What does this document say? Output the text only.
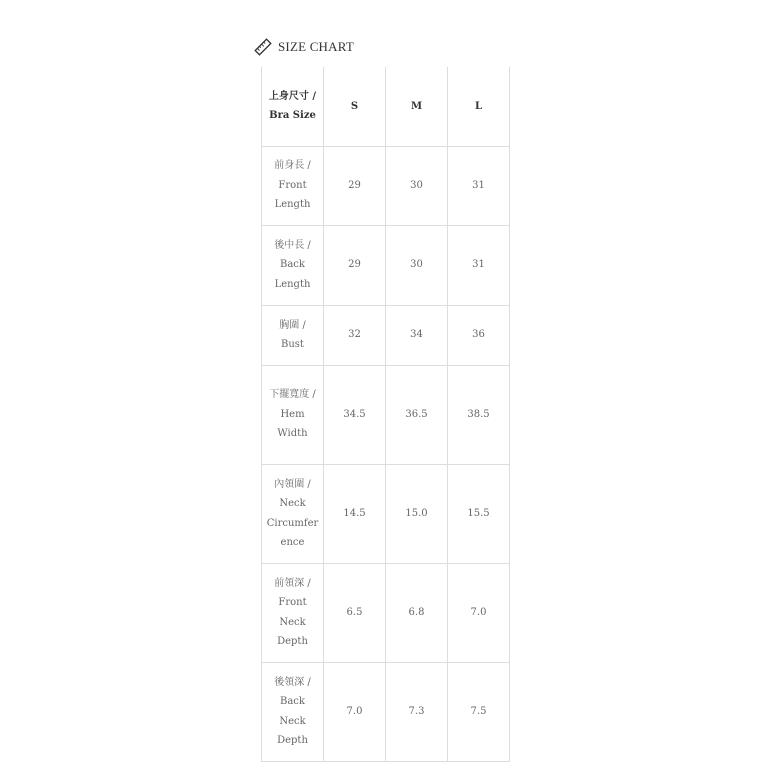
SIZE CHART
上身尺寸 /
Bra Size	S	M	L

前身長 /
Front Length	29	30	31

後中長 /
Back Length	29	30	31

胸圍 /
Bust	32	34	36

下擺寬度 /
Hem Width	34.5	36.5	38.5

內領圍 /
Neck Circumference	14.5	15.0	15.5

前領深 /
Front Neck Depth	6.5	6.8	7.0

後領深 /
Back Neck Depth	7.0	7.3	7.5
